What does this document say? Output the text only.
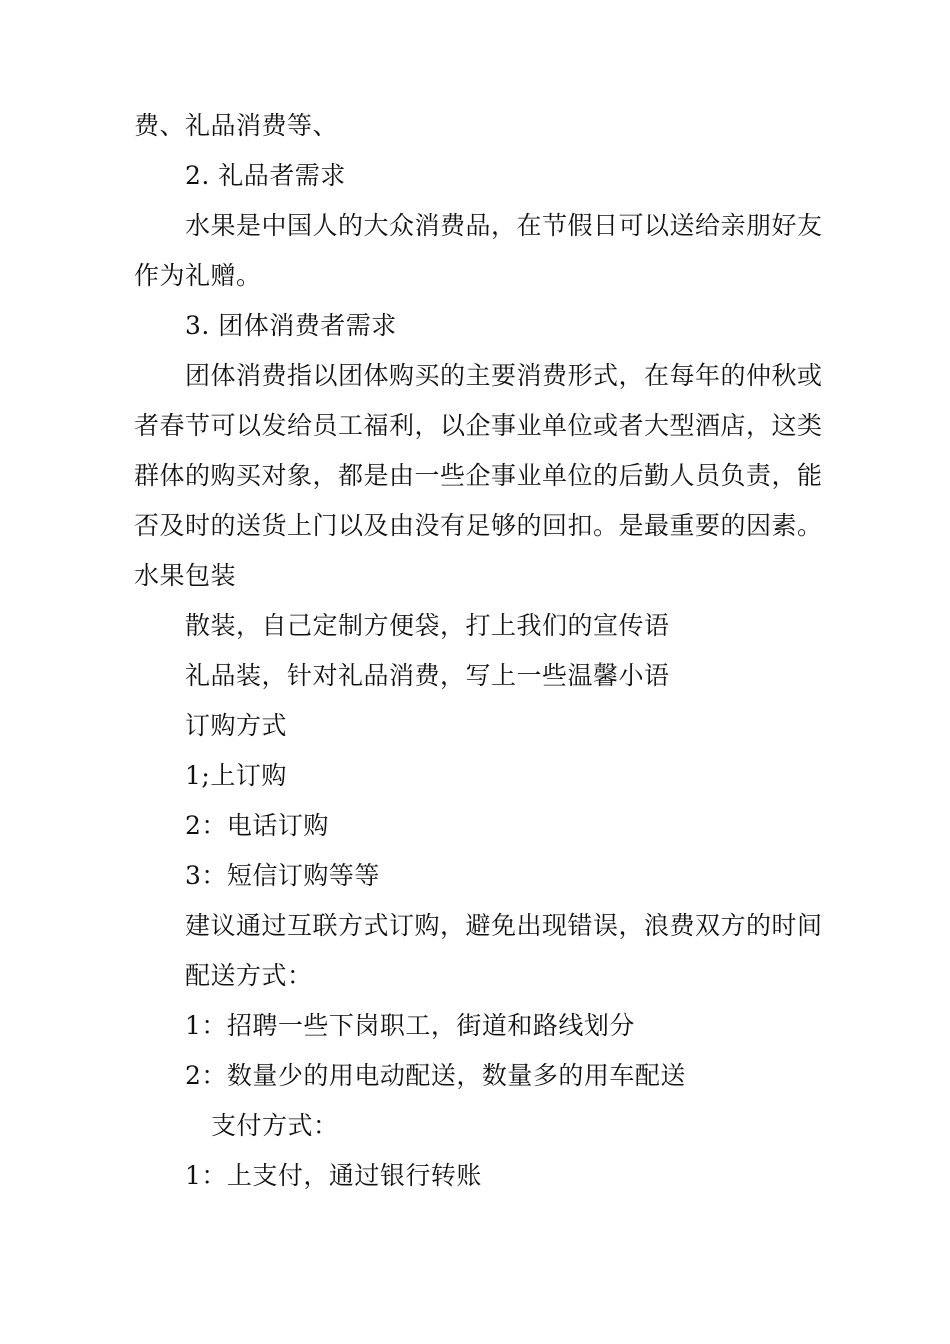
费、礼品消费等、
2. 礼品者需求
水果是中国人的大众消费品，在节假日可以送给亲朋好友
作为礼赠。
3. 团体消费者需求
团体消费指以团体购买的主要消费形式，在每年的仲秋或
者春节可以发给员工福利，以企事业单位或者大型酒店，这类
群体的购买对象，都是由一些企事业单位的后勤人员负责，能
否及时的送货上门以及由没有足够的回扣。是最重要的因素。
水果包装
散装，自己定制方便袋，打上我们的宣传语
礼品装，针对礼品消费，写上一些温馨小语
订购方式
1;上订购
2：电话订购
3：短信订购等等
建议通过互联方式订购，避免出现错误，浪费双方的时间
配送方式：
1：招聘一些下岗职工，街道和路线划分
2：数量少的用电动配送，数量多的用车配送
支付方式：
1：上支付，通过银行转账
